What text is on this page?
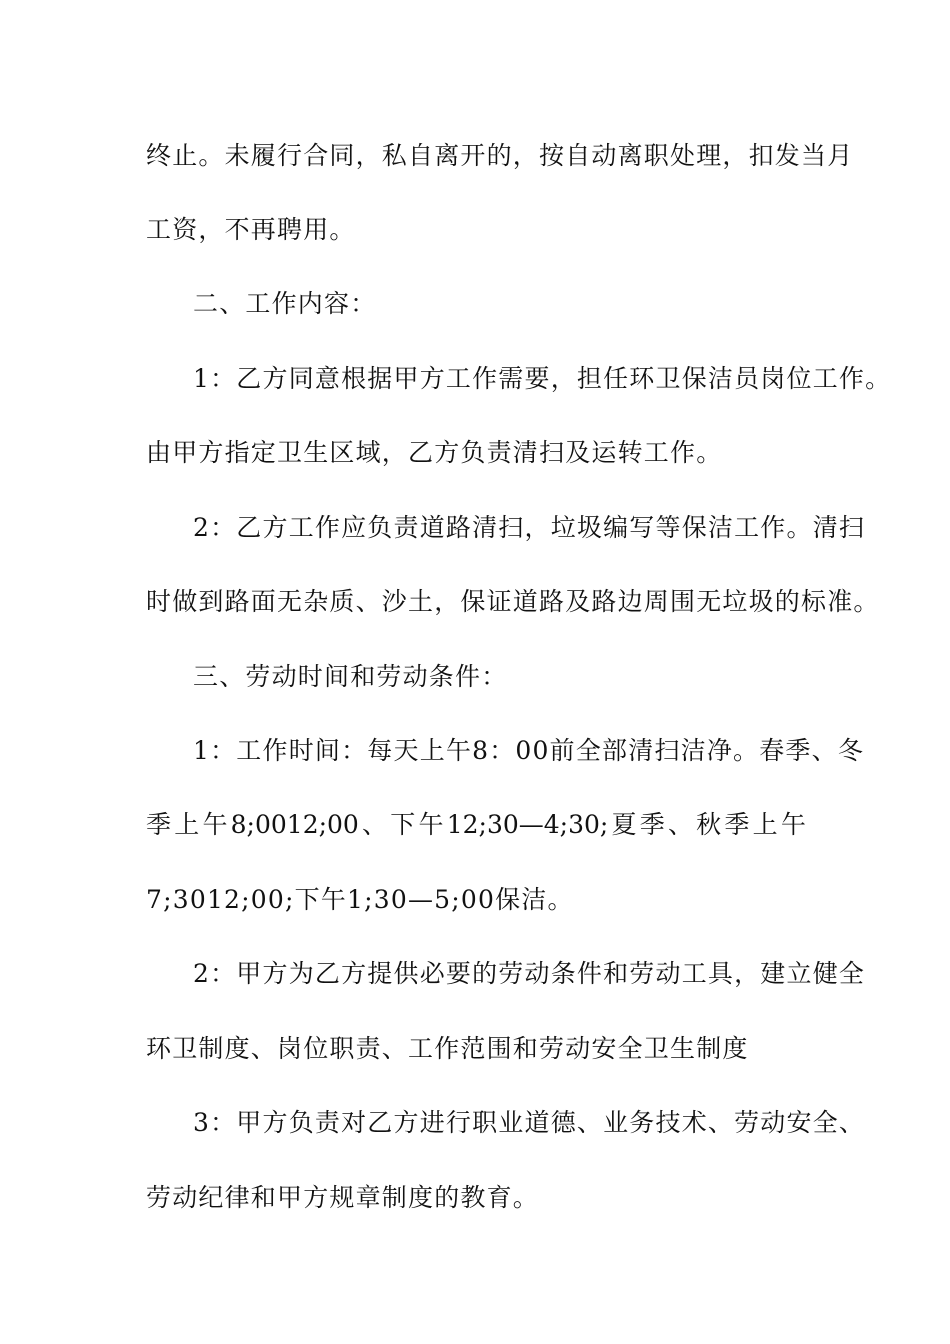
终止。未履行合同，私自离开的，按自动离职处理，扣发当月
工资，不再聘用。
二、工作内容：
1：乙方同意根据甲方工作需要，担任环卫保洁员岗位工作。
由甲方指定卫生区域，乙方负责清扫及运转工作。
2：乙方工作应负责道路清扫，垃圾编写等保洁工作。清扫
时做到路面无杂质、沙土，保证道路及路边周围无垃圾的标准。
三、劳动时间和劳动条件：
1：工作时间：每天上午8：00前全部清扫洁净。春季、冬
季 上 午 8;0012;00 、 下 午 12;30—4;30; 夏 季 、 秋 季 上 午
7;3012;00;下午1;30—5;00保洁。
2：甲方为乙方提供必要的劳动条件和劳动工具，建立健全
环卫制度、岗位职责、工作范围和劳动安全卫生制度
3：甲方负责对乙方进行职业道德、业务技术、劳动安全、
劳动纪律和甲方规章制度的教育。
